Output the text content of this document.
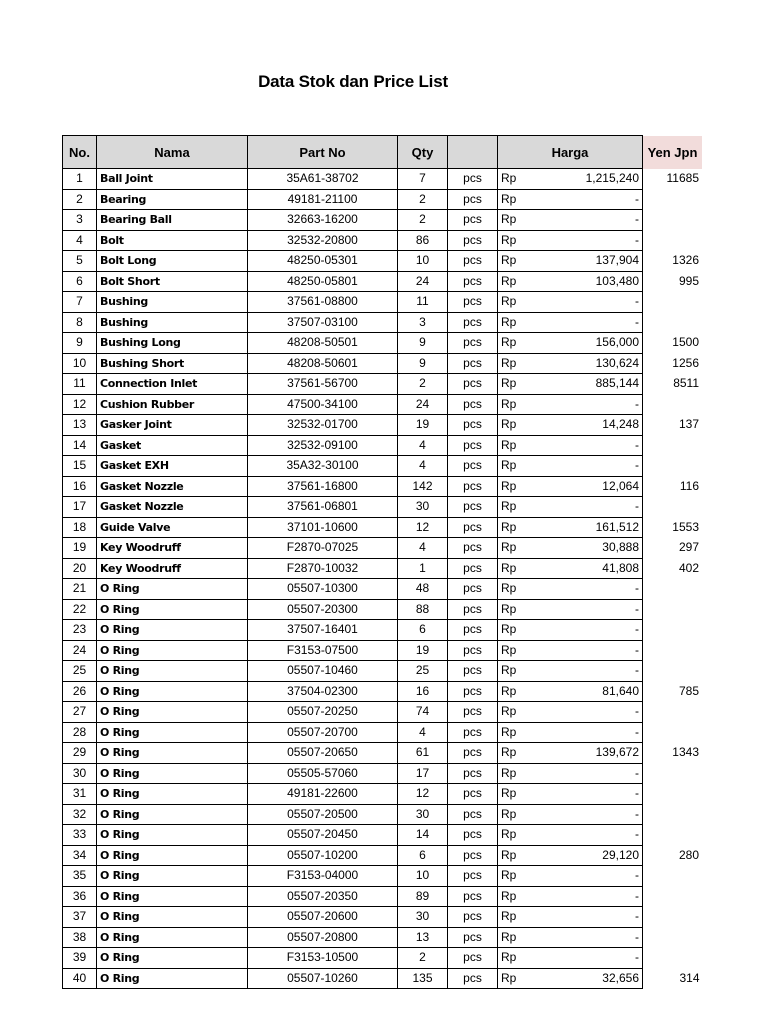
Data Stok dan Price List
No.	Nama	Part No	Qty		Harga		Yen Jpn
1	Ball Joint	35A61-38702	7	pcs	Rp	1,215,240	11685
2	Bearing	49181-21100	2	pcs	Rp	-	
3	Bearing Ball	32663-16200	2	pcs	Rp	-	
4	Bolt	32532-20800	86	pcs	Rp	-	
5	Bolt Long	48250-05301	10	pcs	Rp	137,904	1326
6	Bolt Short	48250-05801	24	pcs	Rp	103,480	995
7	Bushing	37561-08800	11	pcs	Rp	-	
8	Bushing	37507-03100	3	pcs	Rp	-	
9	Bushing Long	48208-50501	9	pcs	Rp	156,000	1500
10	Bushing Short	48208-50601	9	pcs	Rp	130,624	1256
11	Connection Inlet	37561-56700	2	pcs	Rp	885,144	8511
12	Cushion Rubber	47500-34100	24	pcs	Rp	-	
13	Gasker Joint	32532-01700	19	pcs	Rp	14,248	137
14	Gasket	32532-09100	4	pcs	Rp	-	
15	Gasket EXH	35A32-30100	4	pcs	Rp	-	
16	Gasket Nozzle	37561-16800	142	pcs	Rp	12,064	116
17	Gasket Nozzle	37561-06801	30	pcs	Rp	-	
18	Guide Valve	37101-10600	12	pcs	Rp	161,512	1553
19	Key Woodruff	F2870-07025	4	pcs	Rp	30,888	297
20	Key Woodruff	F2870-10032	1	pcs	Rp	41,808	402
21	O Ring	05507-10300	48	pcs	Rp	-	
22	O Ring	05507-20300	88	pcs	Rp	-	
23	O Ring	37507-16401	6	pcs	Rp	-	
24	O Ring	F3153-07500	19	pcs	Rp	-	
25	O Ring	05507-10460	25	pcs	Rp	-	
26	O Ring	37504-02300	16	pcs	Rp	81,640	785
27	O Ring	05507-20250	74	pcs	Rp	-	
28	O Ring	05507-20700	4	pcs	Rp	-	
29	O Ring	05507-20650	61	pcs	Rp	139,672	1343
30	O Ring	05505-57060	17	pcs	Rp	-	
31	O Ring	49181-22600	12	pcs	Rp	-	
32	O Ring	05507-20500	30	pcs	Rp	-	
33	O Ring	05507-20450	14	pcs	Rp	-	
34	O Ring	05507-10200	6	pcs	Rp	29,120	280
35	O Ring	F3153-04000	10	pcs	Rp	-	
36	O Ring	05507-20350	89	pcs	Rp	-	
37	O Ring	05507-20600	30	pcs	Rp	-	
38	O Ring	05507-20800	13	pcs	Rp	-	
39	O Ring	F3153-10500	2	pcs	Rp	-	
40	O Ring	05507-10260	135	pcs	Rp	32,656	314
